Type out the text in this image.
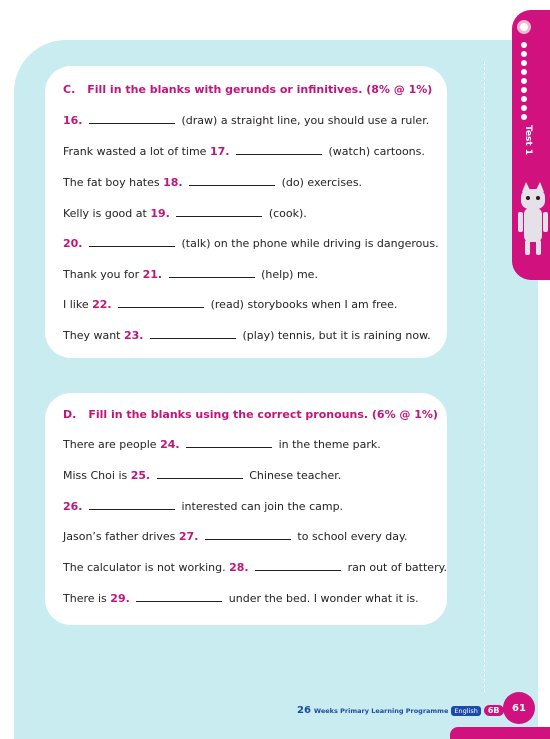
C. Fill in the blanks with gerunds or infinitives. (8% @ 1%)
16.	(draw) a straight line, you should use a ruler.
Frank wasted a lot of time 17.	(watch) cartoons.
The fat boy hates 18.	(do) exercises.
Kelly is good at 19.	(cook).
20.	(talk) on the phone while driving is dangerous.
Thank you for 21.	(help) me.
I like 22.	(read) storybooks when I am free.
They want 23.	(play) tennis, but it is raining now.
D. Fill in the blanks using the correct pronouns. (6% @ 1%)
There are people 24.	in the theme park.
Miss Choi is 25.	Chinese teacher.
26.	interested can join the camp.
Jason’s father drives 27.	to school every day.
The calculator is not working. 28.	ran out of battery.
There is 29.	under the bed. I wonder what it is.
Test 1
26 Weeks Primary Learning Programme English	6B	61
